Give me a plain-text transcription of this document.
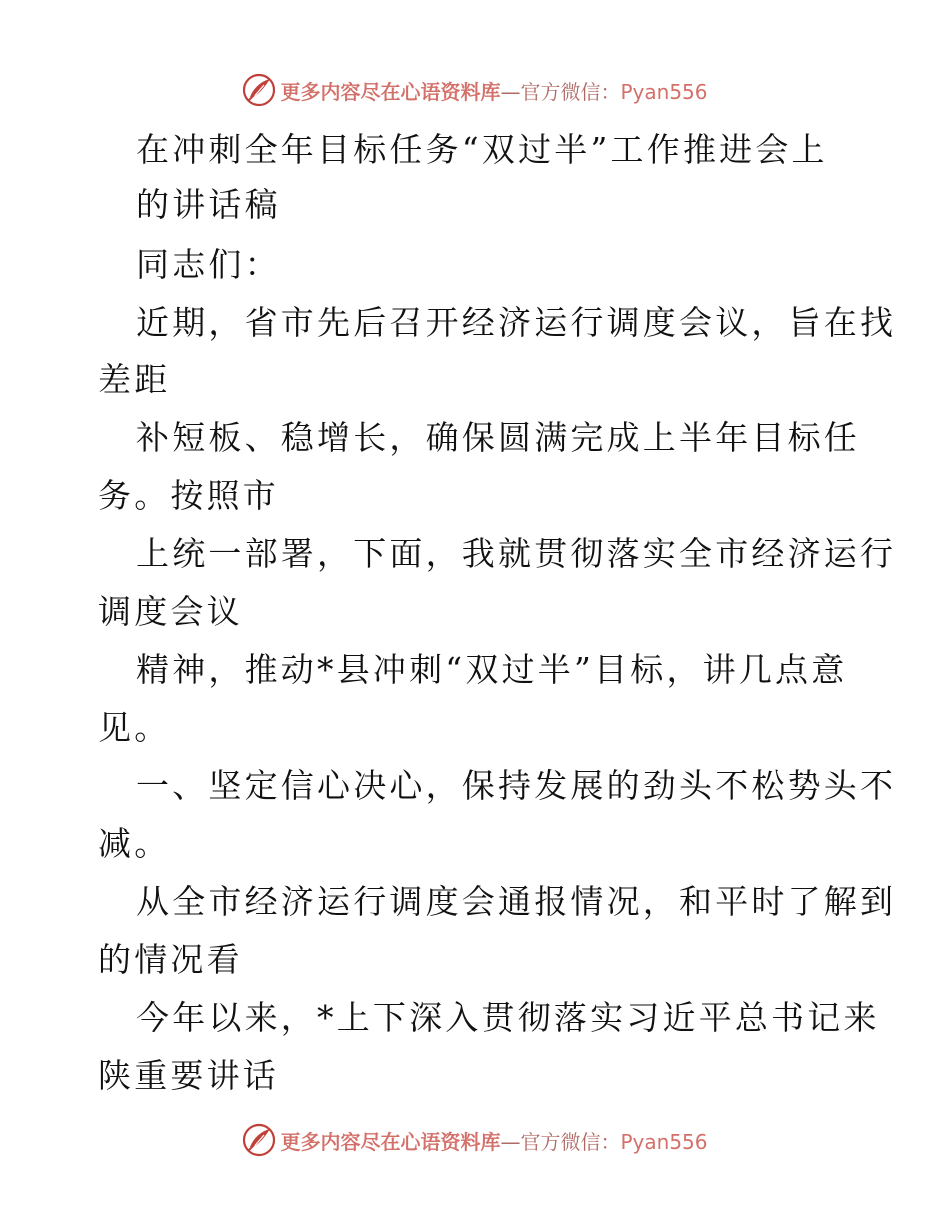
更多内容尽在心语资料库—官方微信：Pyan556
在冲刺全年目标任务“双过半”工作推进会上
的讲话稿
同志们：
近期，省市先后召开经济运行调度会议，旨在找
差距
补短板、稳增长，确保圆满完成上半年目标任
务。按照市
上统一部署，下面，我就贯彻落实全市经济运行
调度会议
精神，推动*县冲刺“双过半”目标，讲几点意
见。
一、坚定信心决心，保持发展的劲头不松势头不
减。
从全市经济运行调度会通报情况，和平时了解到
的情况看
今年以来，*上下深入贯彻落实习近平总书记来
陕重要讲话
更多内容尽在心语资料库—官方微信：Pyan556
